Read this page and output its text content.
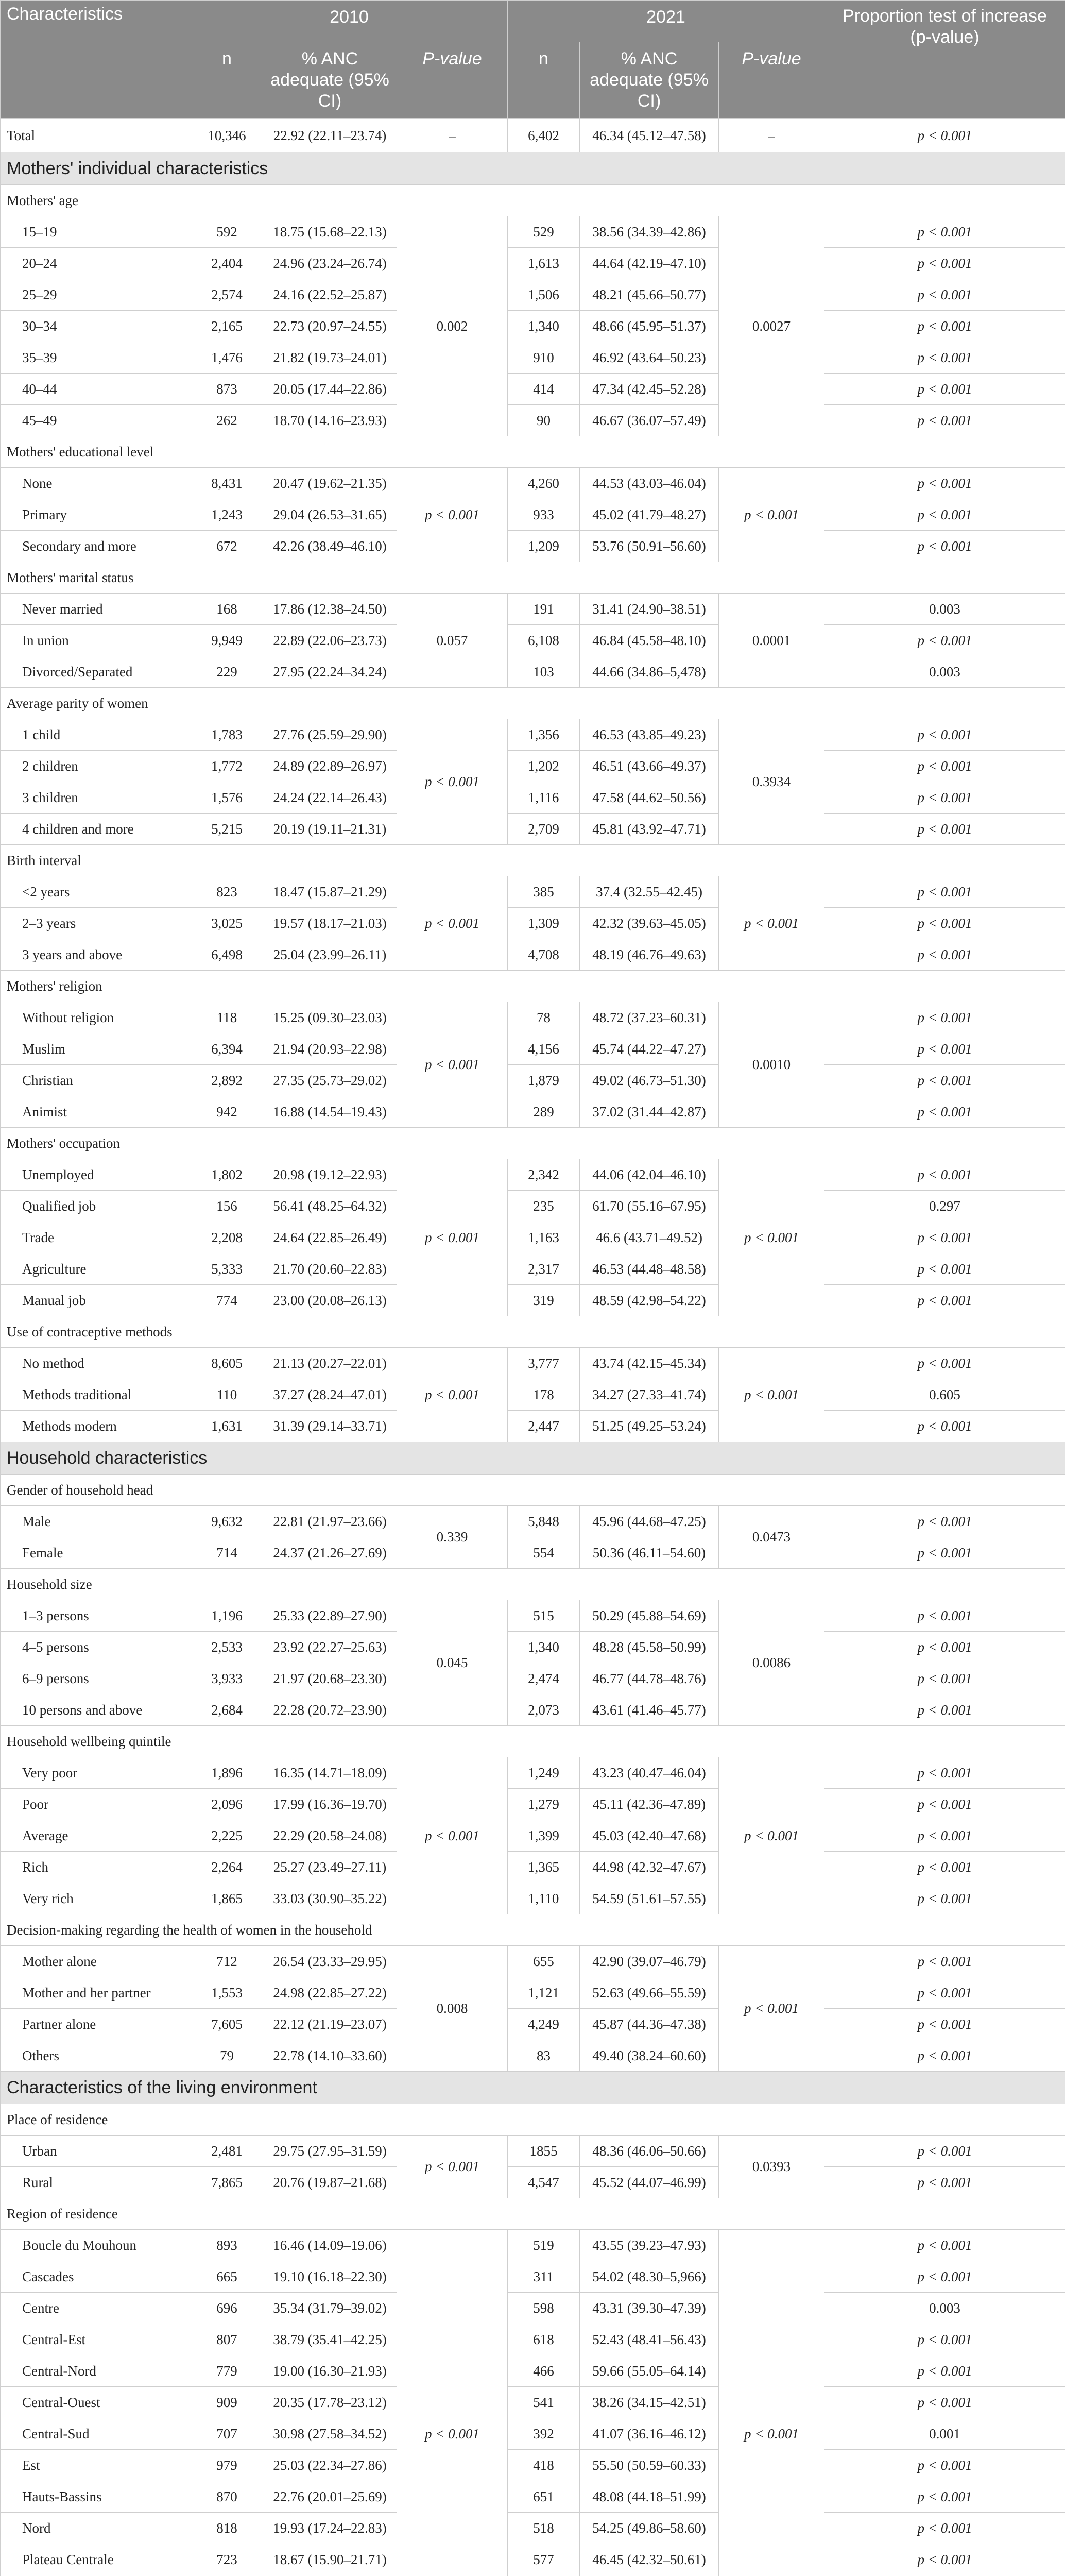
Characteristics	2010			2021			Proportion test of increase (p-value)
	n	% ANC adequate (95% CI)	P-value	n	% ANC adequate (95% CI)	P-value	
Total	10,346	22.92 (22.11–23.74)	–	6,402	46.34 (45.12–47.58)	–	p < 0.001
Mothers' individual characteristics							
Mothers' age							
15–19	592	18.75 (15.68–22.13)	0.002	529	38.56 (34.39–42.86)	0.0027	p < 0.001
20–24	2,404	24.96 (23.24–26.74)		1,613	44.64 (42.19–47.10)		p < 0.001
25–29	2,574	24.16 (22.52–25.87)		1,506	48.21 (45.66–50.77)		p < 0.001
30–34	2,165	22.73 (20.97–24.55)		1,340	48.66 (45.95–51.37)		p < 0.001
35–39	1,476	21.82 (19.73–24.01)		910	46.92 (43.64–50.23)		p < 0.001
40–44	873	20.05 (17.44–22.86)		414	47.34 (42.45–52.28)		p < 0.001
45–49	262	18.70 (14.16–23.93)		90	46.67 (36.07–57.49)		p < 0.001
Mothers' educational level							
None	8,431	20.47 (19.62–21.35)	p < 0.001	4,260	44.53 (43.03–46.04)	p < 0.001	p < 0.001
Primary	1,243	29.04 (26.53–31.65)		933	45.02 (41.79–48.27)		p < 0.001
Secondary and more	672	42.26 (38.49–46.10)		1,209	53.76 (50.91–56.60)		p < 0.001
Mothers' marital status							
Never married	168	17.86 (12.38–24.50)	0.057	191	31.41 (24.90–38.51)	0.0001	0.003
In union	9,949	22.89 (22.06–23.73)		6,108	46.84 (45.58–48.10)		p < 0.001
Divorced/Separated	229	27.95 (22.24–34.24)		103	44.66 (34.86–5,478)		0.003
Average parity of women							
1 child	1,783	27.76 (25.59–29.90)	p < 0.001	1,356	46.53 (43.85–49.23)	0.3934	p < 0.001
2 children	1,772	24.89 (22.89–26.97)		1,202	46.51 (43.66–49.37)		p < 0.001
3 children	1,576	24.24 (22.14–26.43)		1,116	47.58 (44.62–50.56)		p < 0.001
4 children and more	5,215	20.19 (19.11–21.31)		2,709	45.81 (43.92–47.71)		p < 0.001
Birth interval							
<2 years	823	18.47 (15.87–21.29)	p < 0.001	385	37.4 (32.55–42.45)	p < 0.001	p < 0.001
2–3 years	3,025	19.57 (18.17–21.03)		1,309	42.32 (39.63–45.05)		p < 0.001
3 years and above	6,498	25.04 (23.99–26.11)		4,708	48.19 (46.76–49.63)		p < 0.001
Mothers' religion							
Without religion	118	15.25 (09.30–23.03)	p < 0.001	78	48.72 (37.23–60.31)	0.0010	p < 0.001
Muslim	6,394	21.94 (20.93–22.98)		4,156	45.74 (44.22–47.27)		p < 0.001
Christian	2,892	27.35 (25.73–29.02)		1,879	49.02 (46.73–51.30)		p < 0.001
Animist	942	16.88 (14.54–19.43)		289	37.02 (31.44–42.87)		p < 0.001
Mothers' occupation							
Unemployed	1,802	20.98 (19.12–22.93)	p < 0.001	2,342	44.06 (42.04–46.10)	p < 0.001	p < 0.001
Qualified job	156	56.41 (48.25–64.32)		235	61.70 (55.16–67.95)		0.297
Trade	2,208	24.64 (22.85–26.49)		1,163	46.6 (43.71–49.52)		p < 0.001
Agriculture	5,333	21.70 (20.60–22.83)		2,317	46.53 (44.48–48.58)		p < 0.001
Manual job	774	23.00 (20.08–26.13)		319	48.59 (42.98–54.22)		p < 0.001
Use of contraceptive methods							
No method	8,605	21.13 (20.27–22.01)	p < 0.001	3,777	43.74 (42.15–45.34)	p < 0.001	p < 0.001
Methods traditional	110	37.27 (28.24–47.01)		178	34.27 (27.33–41.74)		0.605
Methods modern	1,631	31.39 (29.14–33.71)		2,447	51.25 (49.25–53.24)		p < 0.001
Household characteristics							
Gender of household head							
Male	9,632	22.81 (21.97–23.66)	0.339	5,848	45.96 (44.68–47.25)	0.0473	p < 0.001
Female	714	24.37 (21.26–27.69)		554	50.36 (46.11–54.60)		p < 0.001
Household size							
1–3 persons	1,196	25.33 (22.89–27.90)	0.045	515	50.29 (45.88–54.69)	0.0086	p < 0.001
4–5 persons	2,533	23.92 (22.27–25.63)		1,340	48.28 (45.58–50.99)		p < 0.001
6–9 persons	3,933	21.97 (20.68–23.30)		2,474	46.77 (44.78–48.76)		p < 0.001
10 persons and above	2,684	22.28 (20.72–23.90)		2,073	43.61 (41.46–45.77)		p < 0.001
Household wellbeing quintile							
Very poor	1,896	16.35 (14.71–18.09)	p < 0.001	1,249	43.23 (40.47–46.04)	p < 0.001	p < 0.001
Poor	2,096	17.99 (16.36–19.70)		1,279	45.11 (42.36–47.89)		p < 0.001
Average	2,225	22.29 (20.58–24.08)		1,399	45.03 (42.40–47.68)		p < 0.001
Rich	2,264	25.27 (23.49–27.11)		1,365	44.98 (42.32–47.67)		p < 0.001
Very rich	1,865	33.03 (30.90–35.22)		1,110	54.59 (51.61–57.55)		p < 0.001
Decision-making regarding the health of women in the household							
Mother alone	712	26.54 (23.33–29.95)	0.008	655	42.90 (39.07–46.79)	p < 0.001	p < 0.001
Mother and her partner	1,553	24.98 (22.85–27.22)		1,121	52.63 (49.66–55.59)		p < 0.001
Partner alone	7,605	22.12 (21.19–23.07)		4,249	45.87 (44.36–47.38)		p < 0.001
Others	79	22.78 (14.10–33.60)		83	49.40 (38.24–60.60)		p < 0.001
Characteristics of the living environment							
Place of residence							
Urban	2,481	29.75 (27.95–31.59)	p < 0.001	1855	48.36 (46.06–50.66)	0.0393	p < 0.001
Rural	7,865	20.76 (19.87–21.68)		4,547	45.52 (44.07–46.99)		p < 0.001
Region of residence							
Boucle du Mouhoun	893	16.46 (14.09–19.06)	p < 0.001	519	43.55 (39.23–47.93)	p < 0.001	p < 0.001
Cascades	665	19.10 (16.18–22.30)		311	54.02 (48.30–5,966)		p < 0.001
Centre	696	35.34 (31.79–39.02)		598	43.31 (39.30–47.39)		0.003
Central-Est	807	38.79 (35.41–42.25)		618	52.43 (48.41–56.43)		p < 0.001
Central-Nord	779	19.00 (16.30–21.93)		466	59.66 (55.05–64.14)		p < 0.001
Central-Ouest	909	20.35 (17.78–23.12)		541	38.26 (34.15–42.51)		p < 0.001
Central-Sud	707	30.98 (27.58–34.52)		392	41.07 (36.16–46.12)		0.001
Est	979	25.03 (22.34–27.86)		418	55.50 (50.59–60.33)		p < 0.001
Hauts-Bassins	870	22.76 (20.01–25.69)		651	48.08 (44.18–51.99)		p < 0.001
Nord	818	19.93 (17.24–22.83)		518	54.25 (49.86–58.60)		p < 0.001
Plateau Centrale	723	18.67 (15.90–21.71)		577	46.45 (42.32–50.61)		p < 0.001
